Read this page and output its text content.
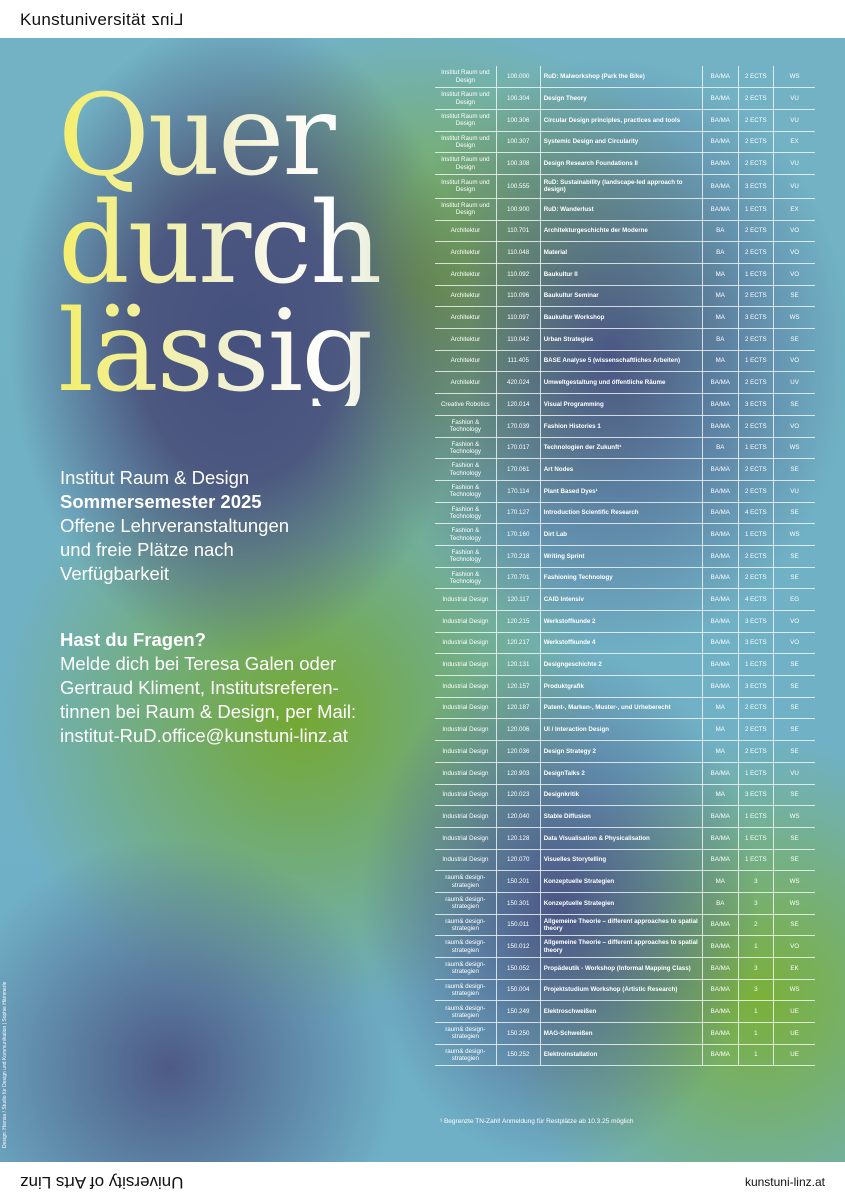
Kunstuniversität Linz
Quer
durch
lässig
Institut Raum & Design
Sommersemester 2025
Offene Lehrveranstaltungen
und freie Plätze nach
Verfügbarkeit
Hast du Fragen?
Melde dich bei Teresa Galen oder
Gertraud Kliment, Institutsreferen-
tinnen bei Raum & Design, per Mail:
institut-RuD.office@kunstuni-linz.at
Design: Hamsa / Studio für Design und Kommunikation | Sophie Hämmerle
Institut Raum und Design	100.000	RuD: Malworkshop (Park the Bike)	BA/MA	2 ECTS	WS
Institut Raum und Design	100.304	Design Theory	BA/MA	2 ECTS	VU
Institut Raum und Design	100.306	Circular Design principles, practices and tools	BA/MA	2 ECTS	VU
Institut Raum und Design	100.307	Systemic Design and Circularity	BA/MA	2 ECTS	EX
Institut Raum und Design	100.308	Design Research Foundations II	BA/MA	2 ECTS	VU
Institut Raum und Design	100.555	RuD: Sustainability (landscape-led approach to design)	BA/MA	3 ECTS	VU
Institut Raum und Design	100.900	RuD: Wanderlust	BA/MA	1 ECTS	EX
Architektur	110.701	Architekturgeschichte der Moderne	BA	2 ECTS	VO
Architektur	110.048	Material	BA	2 ECTS	VO
Architektur	110.092	Baukultur II	MA	1 ECTS	VO
Architektur	110.096	Baukultur Seminar	MA	2 ECTS	SE
Architektur	110.097	Baukultur Workshop	MA	3 ECTS	WS
Architektur	110.042	Urban Strategies	BA	2 ECTS	SE
Architektur	111.405	BASE Analyse 5 (wissenschaftliches Arbeiten)	MA	1 ECTS	VO
Architektur	420.024	Umweltgestaltung und öffentliche Räume	BA/MA	2 ECTS	UV
Creative Robotics	120.014	Visual Programming	BA/MA	3 ECTS	SE
Fashion & Technology	170.039	Fashion Histories 1	BA/MA	2 ECTS	VO
Fashion & Technology	170.017	Technologien der Zukunft¹	BA	1 ECTS	WS
Fashion & Technology	170.061	Art Nodes	BA/MA	2 ECTS	SE
Fashion & Technology	170.114	Plant Based Dyes¹	BA/MA	2 ECTS	VU
Fashion & Technology	170.127	Introduction Scientific Research	BA/MA	4 ECTS	SE
Fashion & Technology	170.160	Dirt Lab	BA/MA	1 ECTS	WS
Fashion & Technology	170.218	Writing Sprint	BA/MA	2 ECTS	SE
Fashion & Technology	170.701	Fashioning Technology	BA/MA	2 ECTS	SE
Industrial Design	120.117	CAID Intensiv	BA/MA	4 ECTS	EG
Industrial Design	120.215	Werkstoffkunde 2	BA/MA	3 ECTS	VO
Industrial Design	120.217	Werkstoffkunde 4	BA/MA	3 ECTS	VO
Industrial Design	120.131	Designgeschichte 2	BA/MA	1 ECTS	SE
Industrial Design	120.157	Produktgrafik	BA/MA	3 ECTS	SE
Industrial Design	120.187	Patent-, Marken-, Muster-, und Urheberecht	MA	2 ECTS	SE
Industrial Design	120.006	UI / Interaction Design	MA	2 ECTS	SE
Industrial Design	120.036	Design Strategy 2	MA	2 ECTS	SE
Industrial Design	120.903	DesignTalks 2	BA/MA	1 ECTS	VU
Industrial Design	120.023	Designkritik	MA	3 ECTS	SE
Industrial Design	120.040	Stable Diffusion	BA/MA	1 ECTS	WS
Industrial Design	120.128	Data Visualisation & Physicalisation	BA/MA	1 ECTS	SE
Industrial Design	120.070	Visuelles Storytelling	BA/MA	1 ECTS	SE
raum& design-strategien	150.201	Konzeptuelle Strategien	MA	3	WS
raum& design-strategien	150.301	Konzeptuelle Strategien	BA	3	WS
raum& design-strategien	150.011	Allgemeine Theorie – different approaches to spatial theory	BA/MA	2	SE
raum& design-strategien	150.012	Allgemeine Theorie – different approaches to spatial theory	BA/MA	1	VO
raum& design-strategien	150.052	Propädeutik - Workshop (Informal Mapping Class)	BA/MA	3	EK
raum& design-strategien	150.004	Projektstudium Workshop (Artistic Research)	BA/MA	3	WS
raum& design-strategien	150.249	Elektroschweißen	BA/MA	1	UE
raum& design-strategien	150.250	MAG-Schweißen	BA/MA	1	UE
raum& design-strategien	150.252	Elektroinstallation	BA/MA	1	UE
¹ Begrenzte TN-Zahl! Anmeldung für Restplätze ab 10.3.25 möglich
University of Arts Linz	kunstuni-linz.at
